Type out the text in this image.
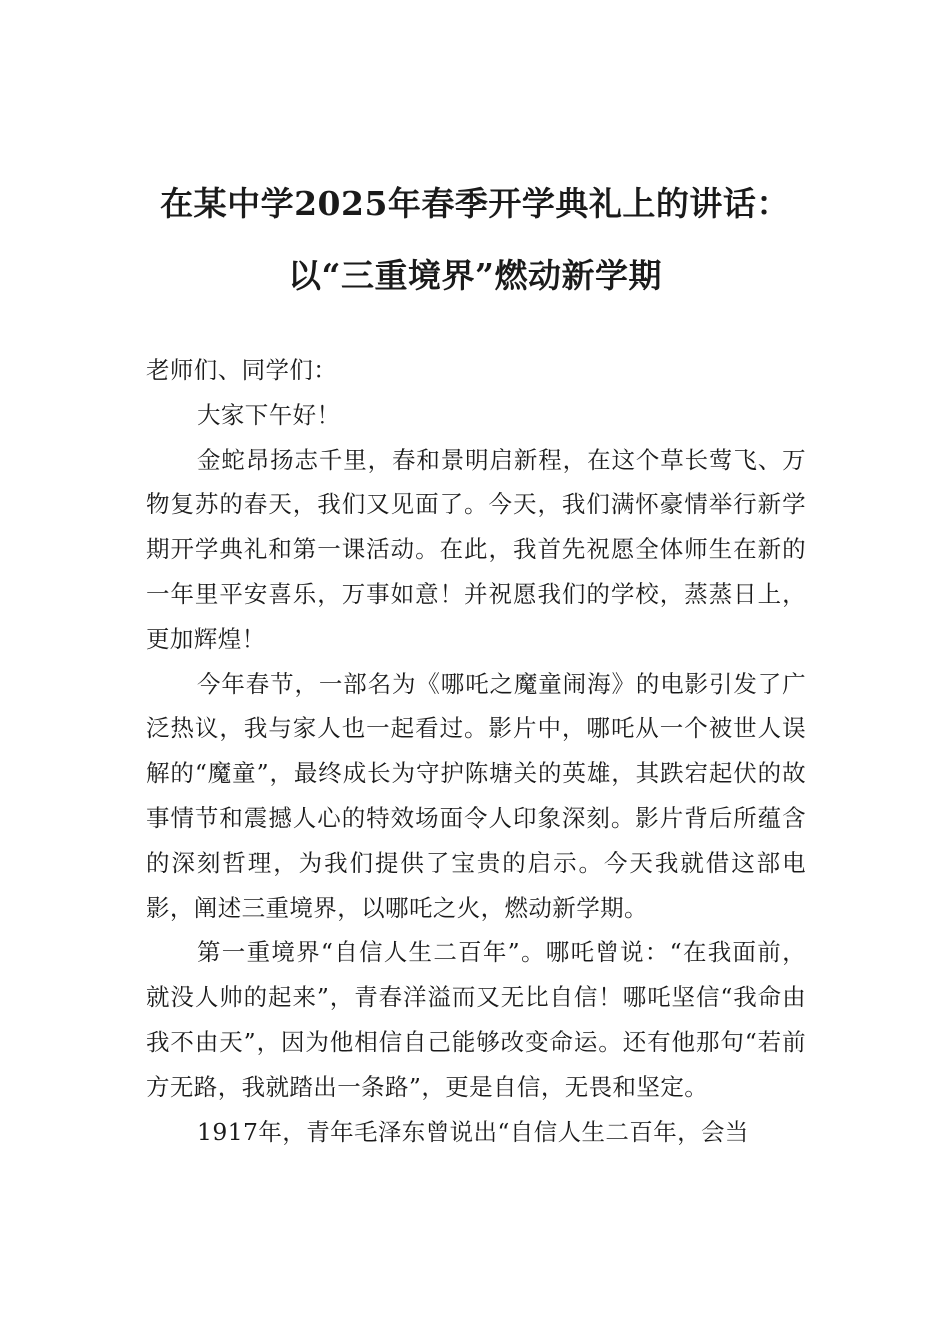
在某中学2025年春季开学典礼上的讲话：
以“三重境界”燃动新学期

老师们、同学们：

大家下午好！

金蛇昂扬志千里，春和景明启新程，在这个草长莺飞、万物复苏的春天，我们又见面了。今天，我们满怀豪情举行新学期开学典礼和第一课活动。在此，我首先祝愿全体师生在新的一年里平安喜乐，万事如意！并祝愿我们的学校，蒸蒸日上，更加辉煌！

今年春节，一部名为《哪吒之魔童闹海》的电影引发了广泛热议，我与家人也一起看过。影片中，哪吒从一个被世人误解的“魔童”，最终成长为守护陈塘关的英雄，其跌宕起伏的故事情节和震撼人心的特效场面令人印象深刻。影片背后所蕴含的深刻哲理，为我们提供了宝贵的启示。今天我就借这部电影，阐述三重境界，以哪吒之火，燃动新学期。

第一重境界“自信人生二百年”。哪吒曾说：“在我面前，就没人帅的起来”，青春洋溢而又无比自信！哪吒坚信“我命由我不由天”，因为他相信自己能够改变命运。还有他那句“若前方无路，我就踏出一条路”，更是自信，无畏和坚定。

1917年，青年毛泽东曾说出“自信人生二百年，会当
